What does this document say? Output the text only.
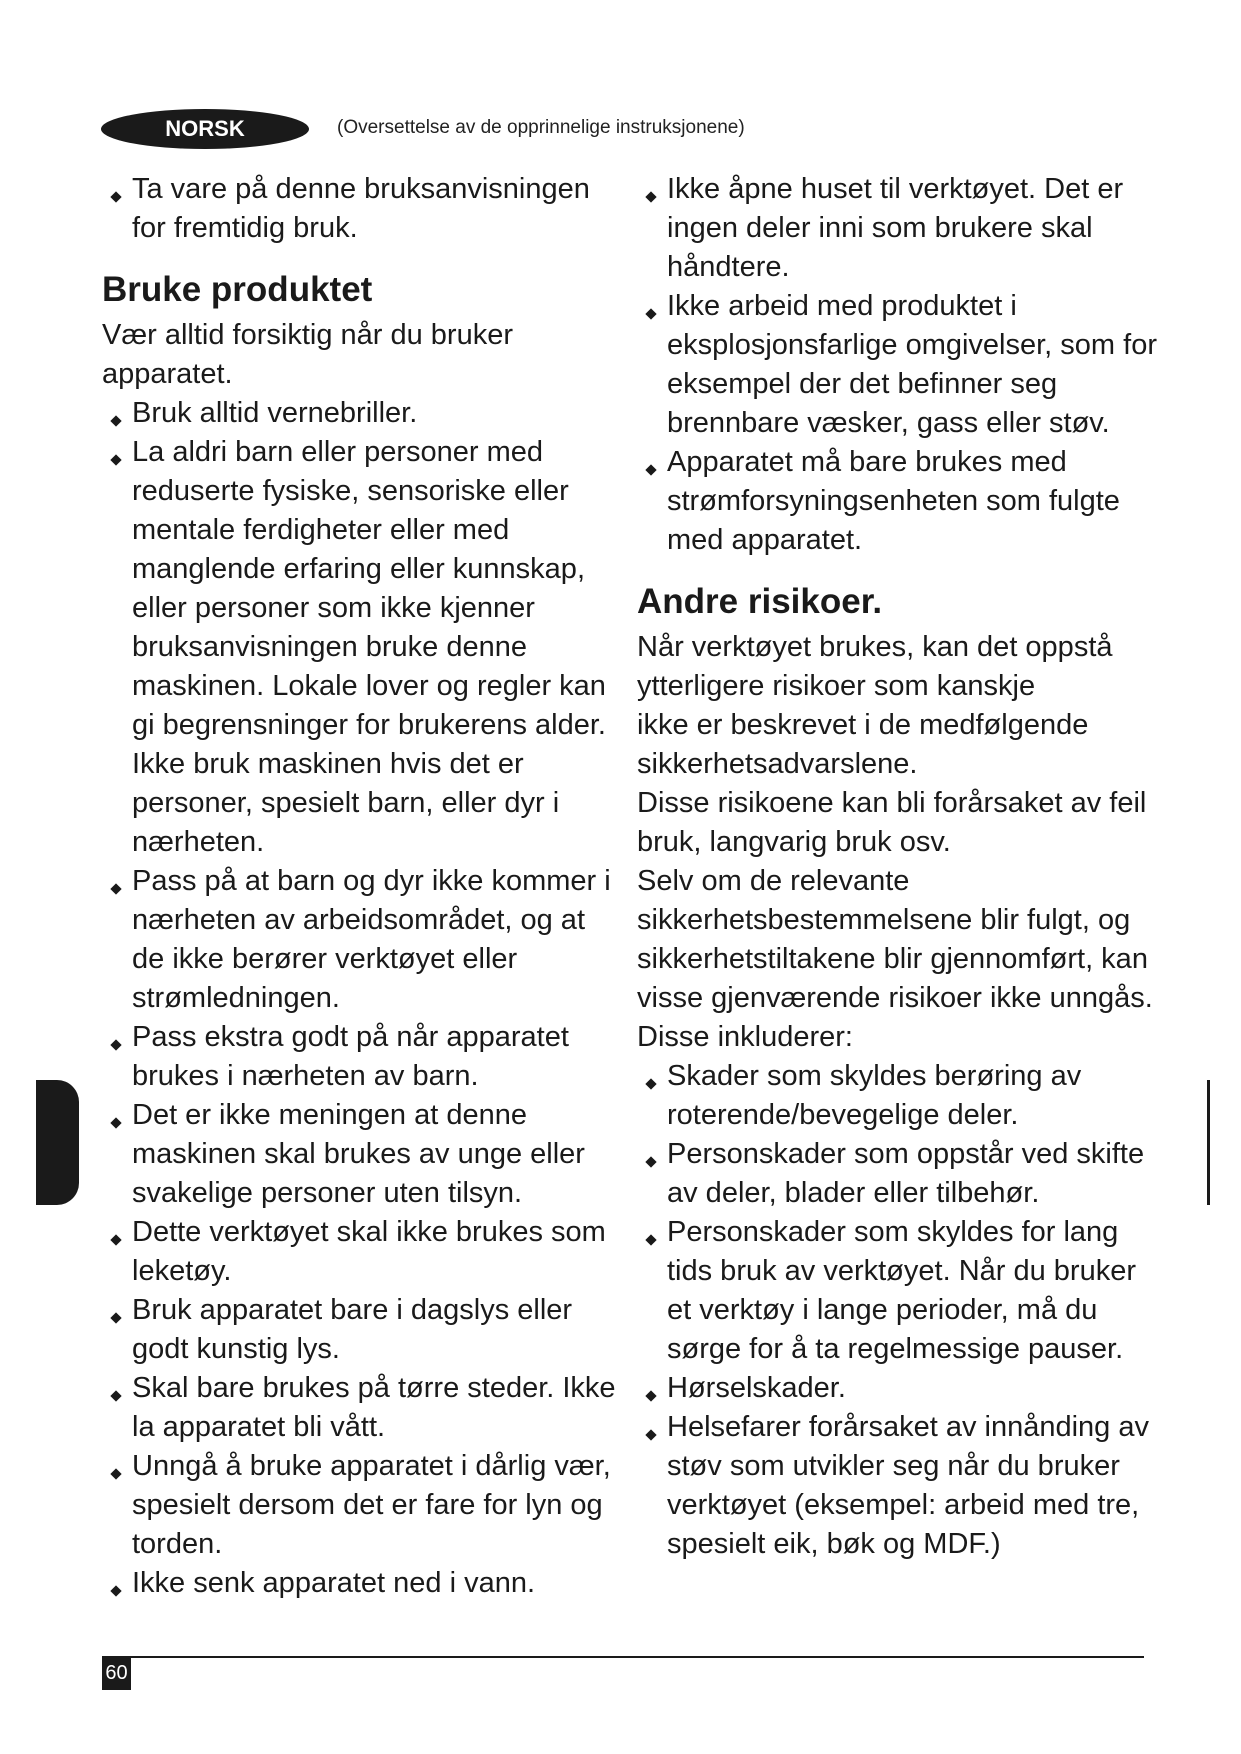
NORSK	(Oversettelse av de opprinnelige instruksjonene)
Ta vare på denne bruksanvisningen for fremtidig bruk.
Bruke produktet

Vær alltid forsiktig når du bruker apparatet.

Bruk alltid vernebriller.
La aldri barn eller personer med reduserte fysiske, sensoriske eller mentale ferdigheter eller med manglende erfaring eller kunnskap, eller personer som ikke kjenner bruksanvisningen bruke denne maskinen. Lokale lover og regler kan gi begrensninger for brukerens alder. Ikke bruk maskinen hvis det er personer, spesielt barn, eller dyr i nærheten.
Pass på at barn og dyr ikke kommer i nærheten av arbeidsområdet, og at de ikke berører verktøyet eller strømledningen.
Pass ekstra godt på når apparatet brukes i nærheten av barn.
Det er ikke meningen at denne maskinen skal brukes av unge eller svakelige personer uten tilsyn.
Dette verktøyet skal ikke brukes som leketøy.
Bruk apparatet bare i dagslys eller godt kunstig lys.
Skal bare brukes på tørre steder. Ikke la apparatet bli vått.
Unngå å bruke apparatet i dårlig vær, spesielt dersom det er fare for lyn og torden.
Ikke senk apparatet ned i vann.
Ikke åpne huset til verktøyet. Det er ingen deler inni som brukere skal håndtere.
Ikke arbeid med produktet i eksplosjonsfarlige omgivelser, som for eksempel der det befinner seg brennbare væsker, gass eller støv.
Apparatet må bare brukes med strømforsyningsenheten som fulgte med apparatet.
Andre risikoer.

Når verktøyet brukes, kan det oppstå ytterligere risikoer som kanskje

ikke er beskrevet i de medfølgende sikkerhetsadvarslene.

Disse risikoene kan bli forårsaket av feil bruk, langvarig bruk osv.

Selv om de relevante sikkerhetsbestemmelsene blir fulgt, og sikkerhetstiltakene blir gjennomført, kan visse gjenværende risikoer ikke unngås. Disse inkluderer:

Skader som skyldes berøring av roterende/bevegelige deler.
Personskader som oppstår ved skifte av deler, blader eller tilbehør.
Personskader som skyldes for lang tids bruk av verktøyet. Når du bruker et verktøy i lange perioder, må du sørge for å ta regelmessige pauser.
Hørselskader.
Helsefarer forårsaket av innånding av støv som utvikler seg når du bruker verktøyet (eksempel: arbeid med tre, spesielt eik, bøk og MDF.)
60
